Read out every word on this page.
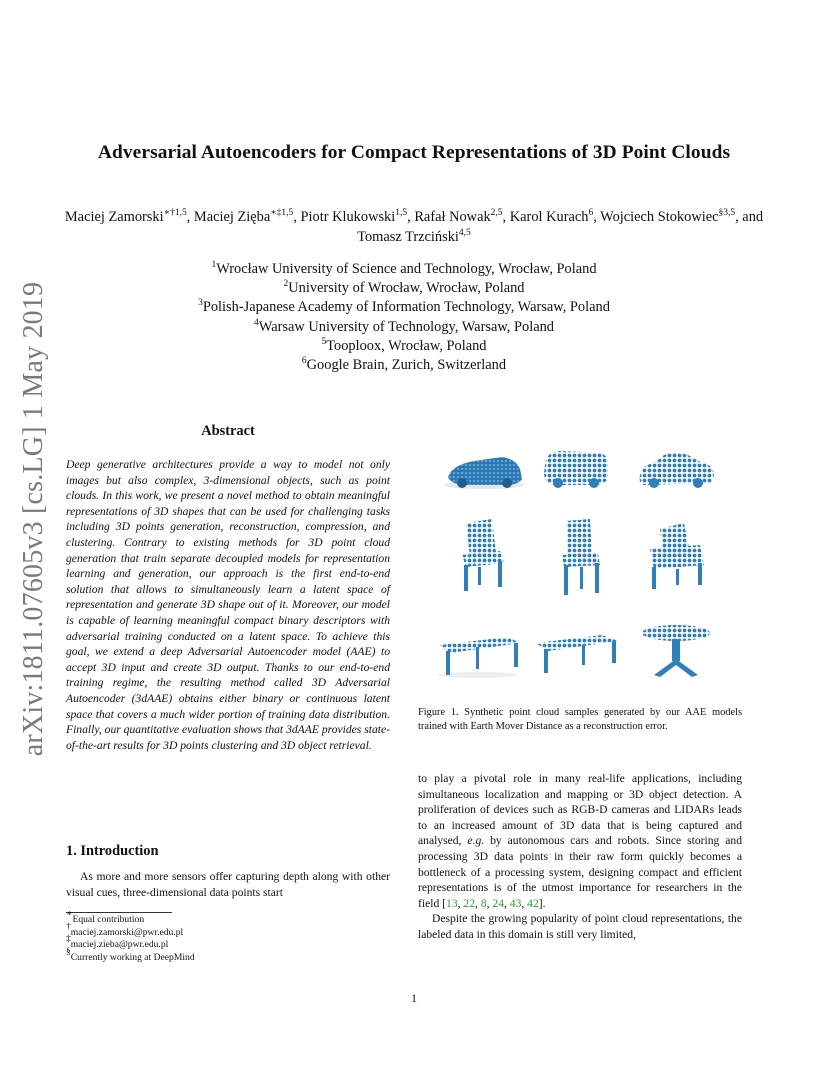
arXiv:1811.07605v3 [cs.LG] 1 May 2019
Adversarial Autoencoders for Compact Representations of 3D Point Clouds
Maciej Zamorski$^{∗\dagger 1,5}$, Maciej Zięba$^{∗\ddagger 1,5}$, Piotr Klukowski$^{1,5}$, Rafał Nowak$^{2,5}$, Karol Kurach$^6$, Wojciech Stokowiec$^{\S 3,5}$, and Tomasz Trzciński$^{4,5}$
$^1$Wrocław University of Science and Technology, Wrocław, Poland
$^2$University of Wrocław, Wrocław, Poland
$^3$Polish-Japanese Academy of Information Technology, Warsaw, Poland
$^4$Warsaw University of Technology, Warsaw, Poland
$^5$Tooploox, Wrocław, Poland
$^6$Google Brain, Zurich, Switzerland
Abstract
Deep generative architectures provide a way to model not only images but also complex, 3-dimensional objects, such as point clouds. In this work, we present a novel method to obtain meaningful representations of 3D shapes that can be used for challenging tasks including 3D points generation, reconstruction, compression, and clustering. Contrary to existing methods for 3D point cloud generation that train separate decoupled models for representation learning and generation, our approach is the first end-to-end solution that allows to simultaneously learn a latent space of representation and generate 3D shape out of it. Moreover, our model is capable of learning meaningful compact binary descriptors with adversarial training conducted on a latent space. To achieve this goal, we extend a deep Adversarial Autoencoder model (AAE) to accept 3D input and create 3D output. Thanks to our end-to-end training regime, the resulting method called 3D Adversarial Autoencoder (3dAAE) obtains either binary or continuous latent space that covers a much wider portion of training data distribution. Finally, our quantitative evaluation shows that 3dAAE provides state-of-the-art results for 3D points clustering and 3D object retrieval.
1. Introduction
As more and more sensors offer capturing depth along with other visual cues, three-dimensional data points start
∗Equal contribution
†maciej.zamorski@pwr.edu.pl
‡maciej.zieba@pwr.edu.pl
§Currently working at DeepMind
Figure 1. Synthetic point cloud samples generated by our AAE models trained with Earth Mover Distance as a reconstruction error.

to play a pivotal role in many real-life applications, including simultaneous localization and mapping or 3D object detection. A proliferation of devices such as RGB-D cameras and LIDARs leads to an increased amount of 3D data that is being captured and analysed, e.g. by autonomous cars and robots. Since storing and processing 3D data points in their raw form quickly becomes a bottleneck of a processing system, designing compact and efficient representations is of the utmost importance for researchers in the field [13, 22, 8, 24, 43, 42].

Despite the growing popularity of point cloud representations, the labeled data in this domain is still very limited,

1
